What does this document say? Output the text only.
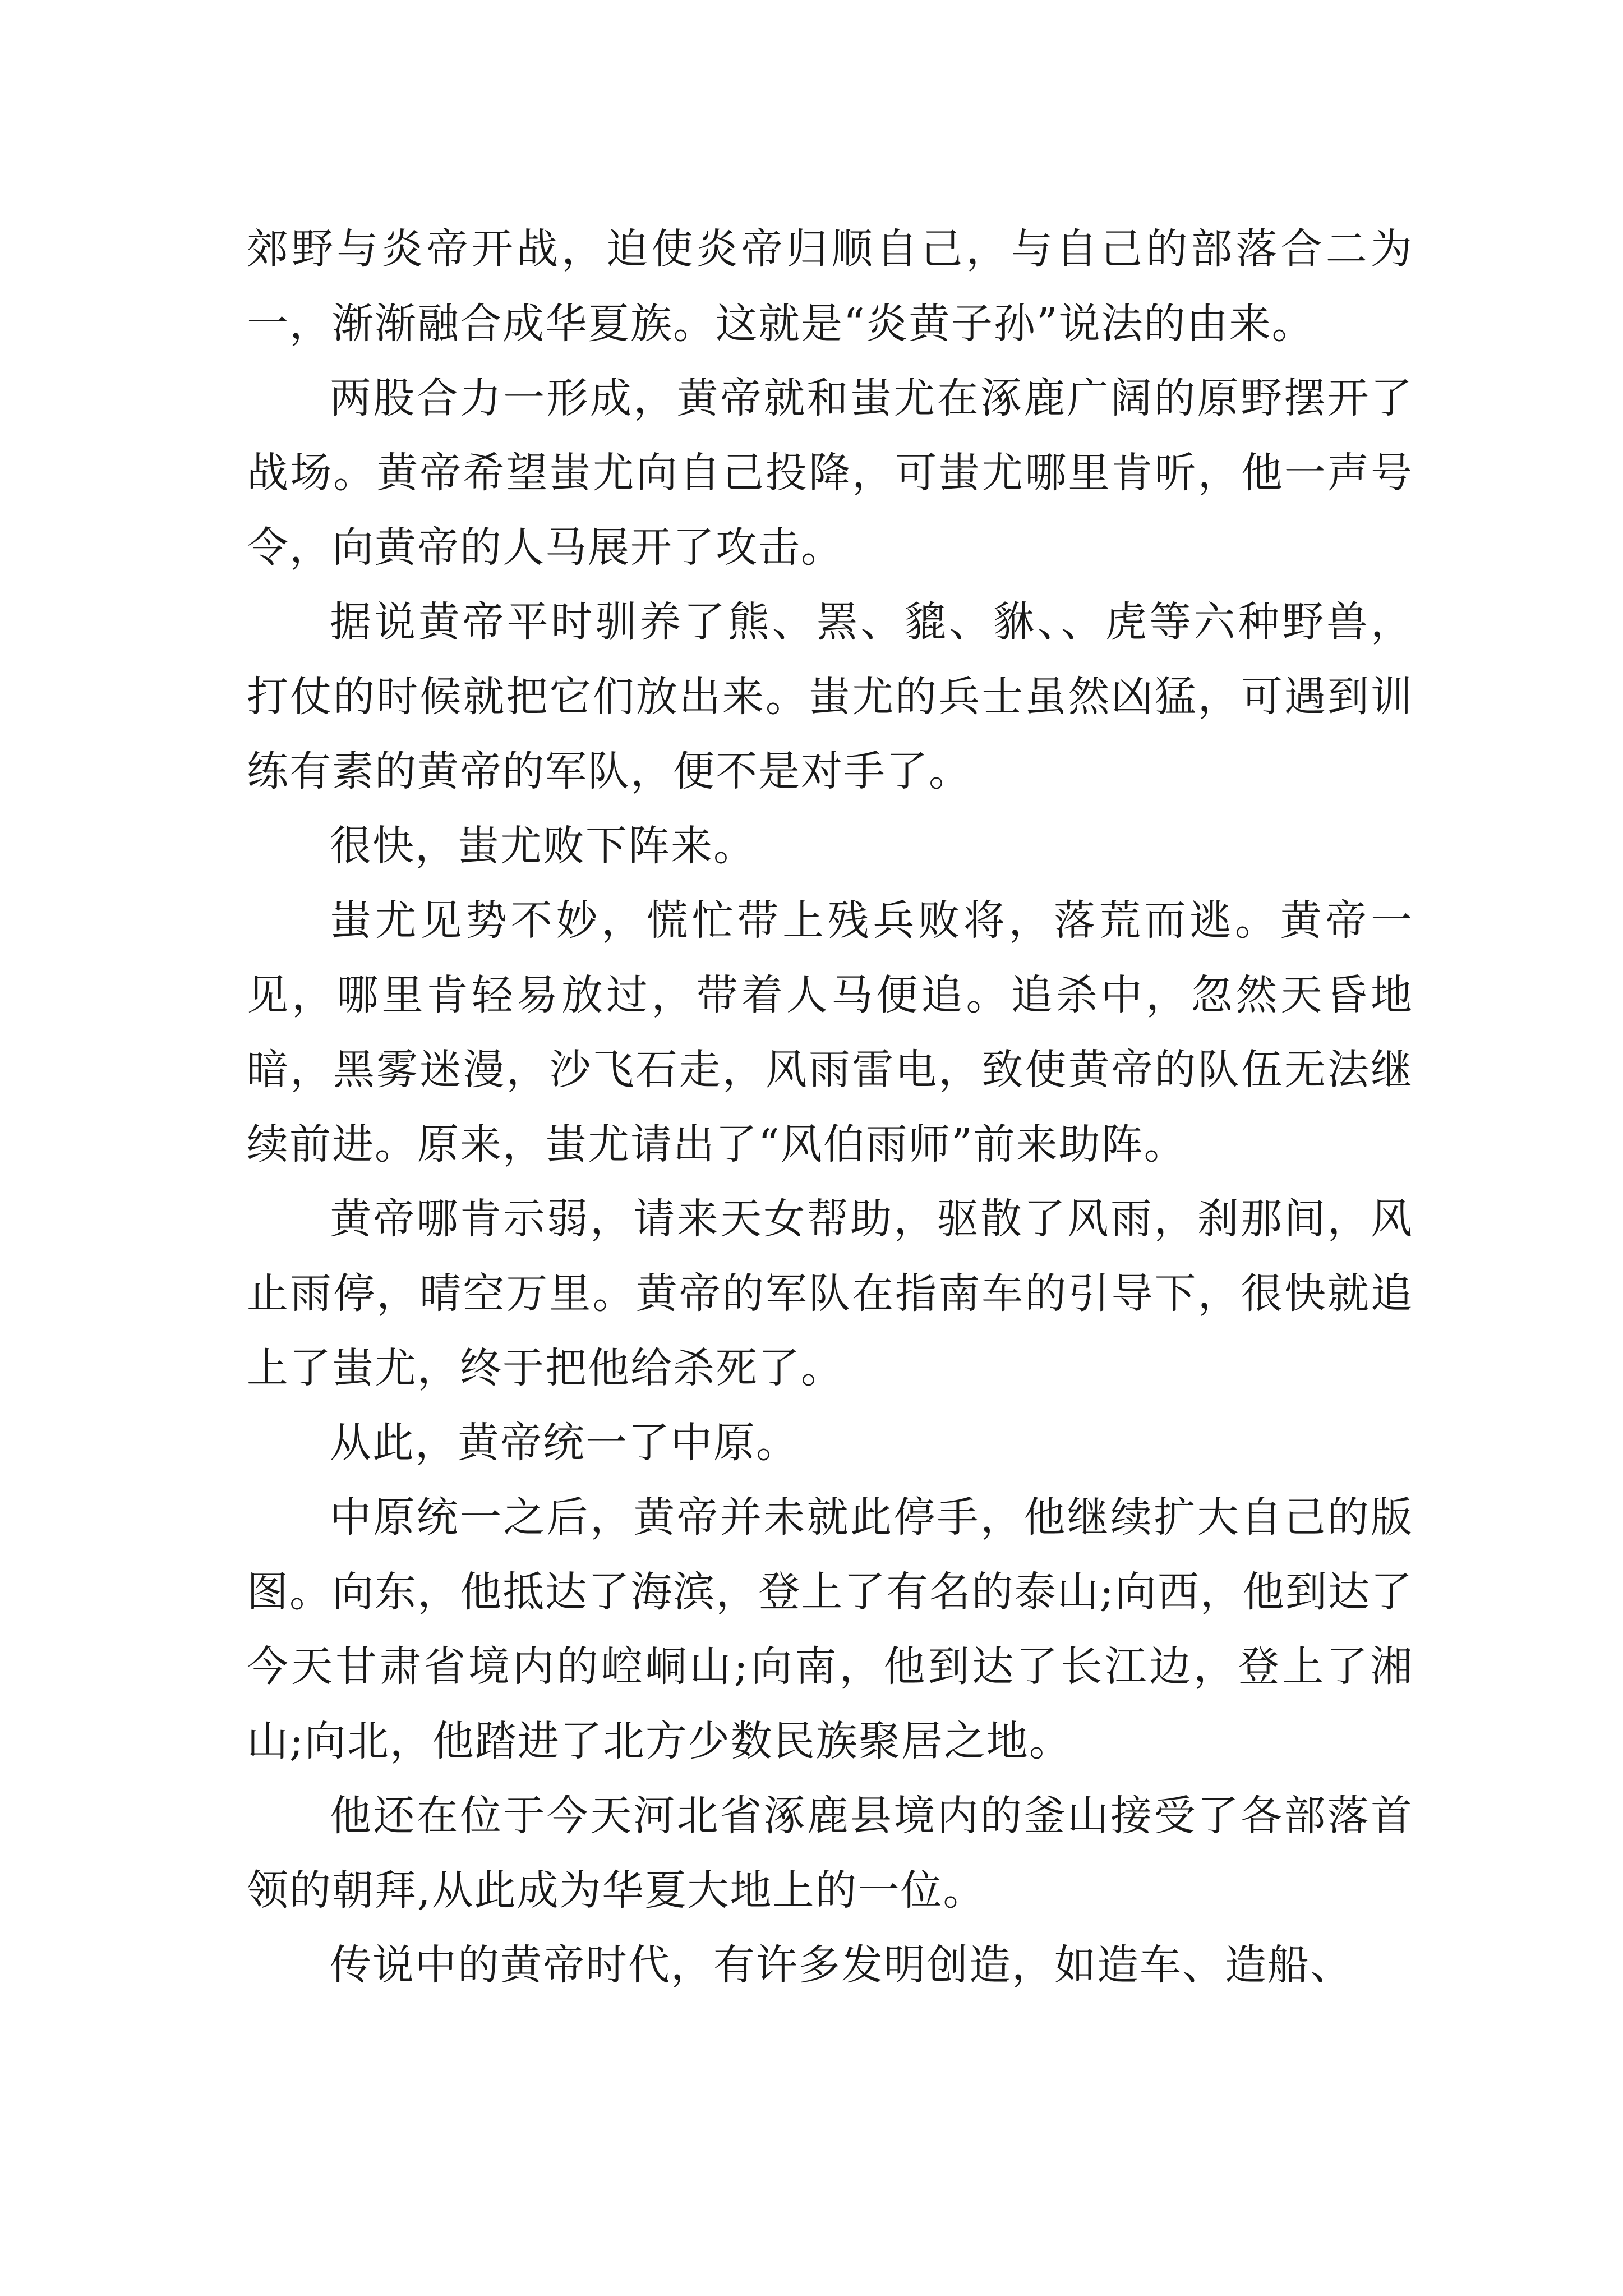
郊野与炎帝开战，迫使炎帝归顺自己，与自己的部落合二为一，渐渐融合成华夏族。这就是“炎黄子孙”说法的由来。

两股合力一形成，黄帝就和蚩尤在涿鹿广阔的原野摆开了战场。黄帝希望蚩尤向自己投降，可蚩尤哪里肯听，他一声号令，向黄帝的人马展开了攻击。

据说黄帝平时驯养了熊、罴、貔、貅、、虎等六种野兽，打仗的时候就把它们放出来。蚩尤的兵士虽然凶猛，可遇到训练有素的黄帝的军队，便不是对手了。

很快，蚩尤败下阵来。

蚩尤见势不妙，慌忙带上残兵败将，落荒而逃。黄帝一见，哪里肯轻易放过，带着人马便追。追杀中，忽然天昏地暗，黑雾迷漫，沙飞石走，风雨雷电，致使黄帝的队伍无法继续前进。原来，蚩尤请出了“风伯雨师”前来助阵。

黄帝哪肯示弱，请来天女帮助，驱散了风雨，刹那间，风止雨停，晴空万里。黄帝的军队在指南车的引导下，很快就追上了蚩尤，终于把他给杀死了。

从此，黄帝统一了中原。

中原统一之后，黄帝并未就此停手，他继续扩大自己的版图。向东，他抵达了海滨，登上了有名的泰山;向西，他到达了今天甘肃省境内的崆峒山;向南，他到达了长江边，登上了湘山;向北，他踏进了北方少数民族聚居之地。

他还在位于今天河北省涿鹿县境内的釜山接受了各部落首领的朝拜,从此成为华夏大地上的一位。

传说中的黄帝时代，有许多发明创造，如造车、造船、
